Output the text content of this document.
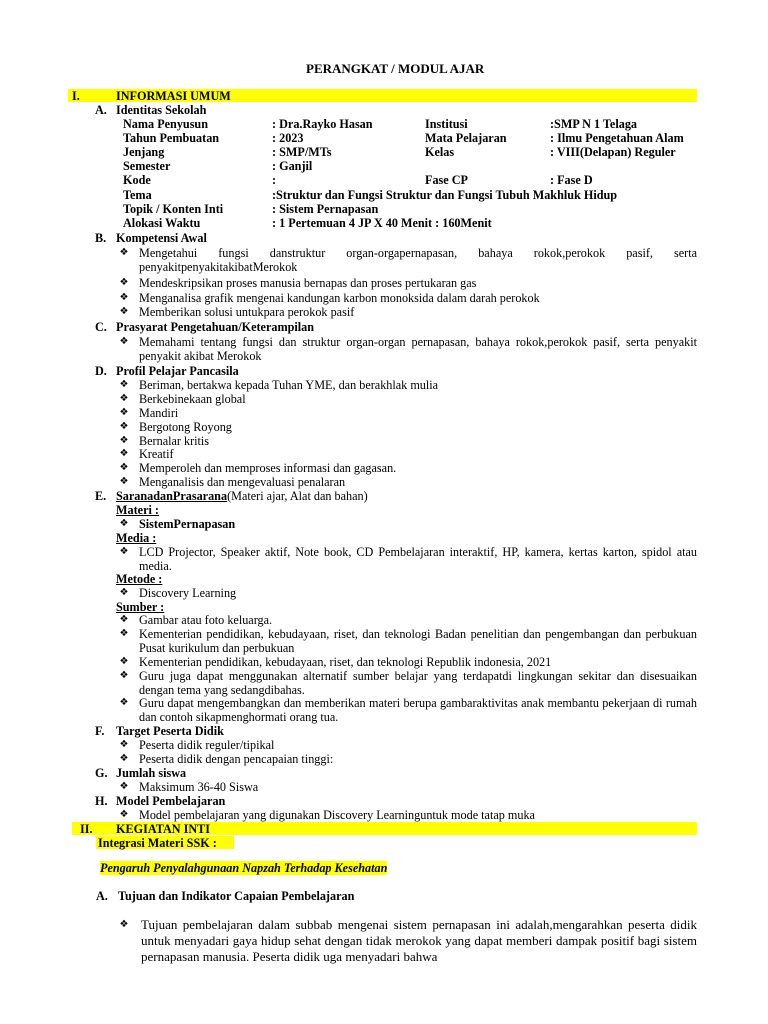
PERANGKAT / MODUL AJAR
I.	INFORMASI UMUM
A. Identitas Sekolah
Nama Penyusun	: Dra.Rayko Hasan	Institusi	:SMP N 1 Telaga
Tahun Pembuatan	: 2023	Mata Pelajaran	: Ilmu Pengetahuan Alam
Jenjang	: SMP/MTs	Kelas	: VIII(Delapan) Reguler
Semester	: Ganjil
Kode	:	Fase CP	: Fase D
Tema	:Struktur dan Fungsi Struktur dan Fungsi Tubuh Makhluk Hidup
Topik / Konten Inti	: Sistem Pernapasan
Alokasi Waktu	: 1 Pertemuan 4 JP X 40 Menit : 160Menit
B. Kompetensi Awal
❖ Mengetahui fungsi danstruktur organ-orgapernapasan, bahaya rokok,perokok pasif, serta penyakitpenyakitakibatMerokok
❖ Mendeskripsikan proses manusia bernapas dan proses pertukaran gas
❖ Menganalisa grafik mengenai kandungan karbon monoksida dalam darah perokok
❖ Memberikan solusi untukpara perokok pasif
C. Prasyarat Pengetahuan/Keterampilan
❖ Memahami tentang fungsi dan struktur organ-organ pernapasan, bahaya rokok,perokok pasif, serta penyakit penyakit akibat Merokok
D. Profil Pelajar Pancasila
❖ Beriman, bertakwa kepada Tuhan YME, dan berakhlak mulia
❖ Berkebinekaan global
❖ Mandiri
❖ Bergotong Royong
❖ Bernalar kritis
❖ Kreatif
❖ Memperoleh dan memproses informasi dan gagasan.
❖ Menganalisis dan mengevaluasi penalaran
E. SaranadanPrasarana(Materi ajar, Alat dan bahan)
Materi :
❖ SistemPernapasan
Media :
❖ LCD Projector, Speaker aktif, Note book, CD Pembelajaran interaktif, HP, kamera, kertas karton, spidol atau media.
Metode :
❖ Discovery Learning
Sumber :
❖ Gambar atau foto keluarga.
❖ Kementerian pendidikan, kebudayaan, riset, dan teknologi Badan penelitian dan pengembangan dan perbukuan Pusat kurikulum dan perbukuan
❖ Kementerian pendidikan, kebudayaan, riset, dan teknologi Republik indonesia, 2021
❖ Guru juga dapat menggunakan alternatif sumber belajar yang terdapatdi lingkungan sekitar dan disesuaikan dengan tema yang sedangdibahas.
❖ Guru dapat mengembangkan dan memberikan materi berupa gambaraktivitas anak membantu pekerjaan di rumah dan contoh sikapmenghormati orang tua.
F. Target Peserta Didik
❖ Peserta didik reguler/tipikal
❖ Peserta didik dengan pencapaian tinggi:
G. Jumlah siswa
❖ Maksimum 36-40 Siswa
H. Model Pembelajaran
❖ Model pembelajaran yang digunakan Discovery Learninguntuk mode tatap muka
II. KEGIATAN INTI
Integrasi Materi SSK :
Pengaruh Penyalahgunaan Napzah Terhadap Kesehatan
A. Tujuan dan Indikator Capaian Pembelajaran
❖ Tujuan pembelajaran dalam subbab mengenai sistem pernapasan ini adalah,mengarahkan peserta didik untuk menyadari gaya hidup sehat dengan tidak merokok yang dapat memberi dampak positif bagi sistem pernapasan manusia. Peserta didik uga menyadari bahwa
